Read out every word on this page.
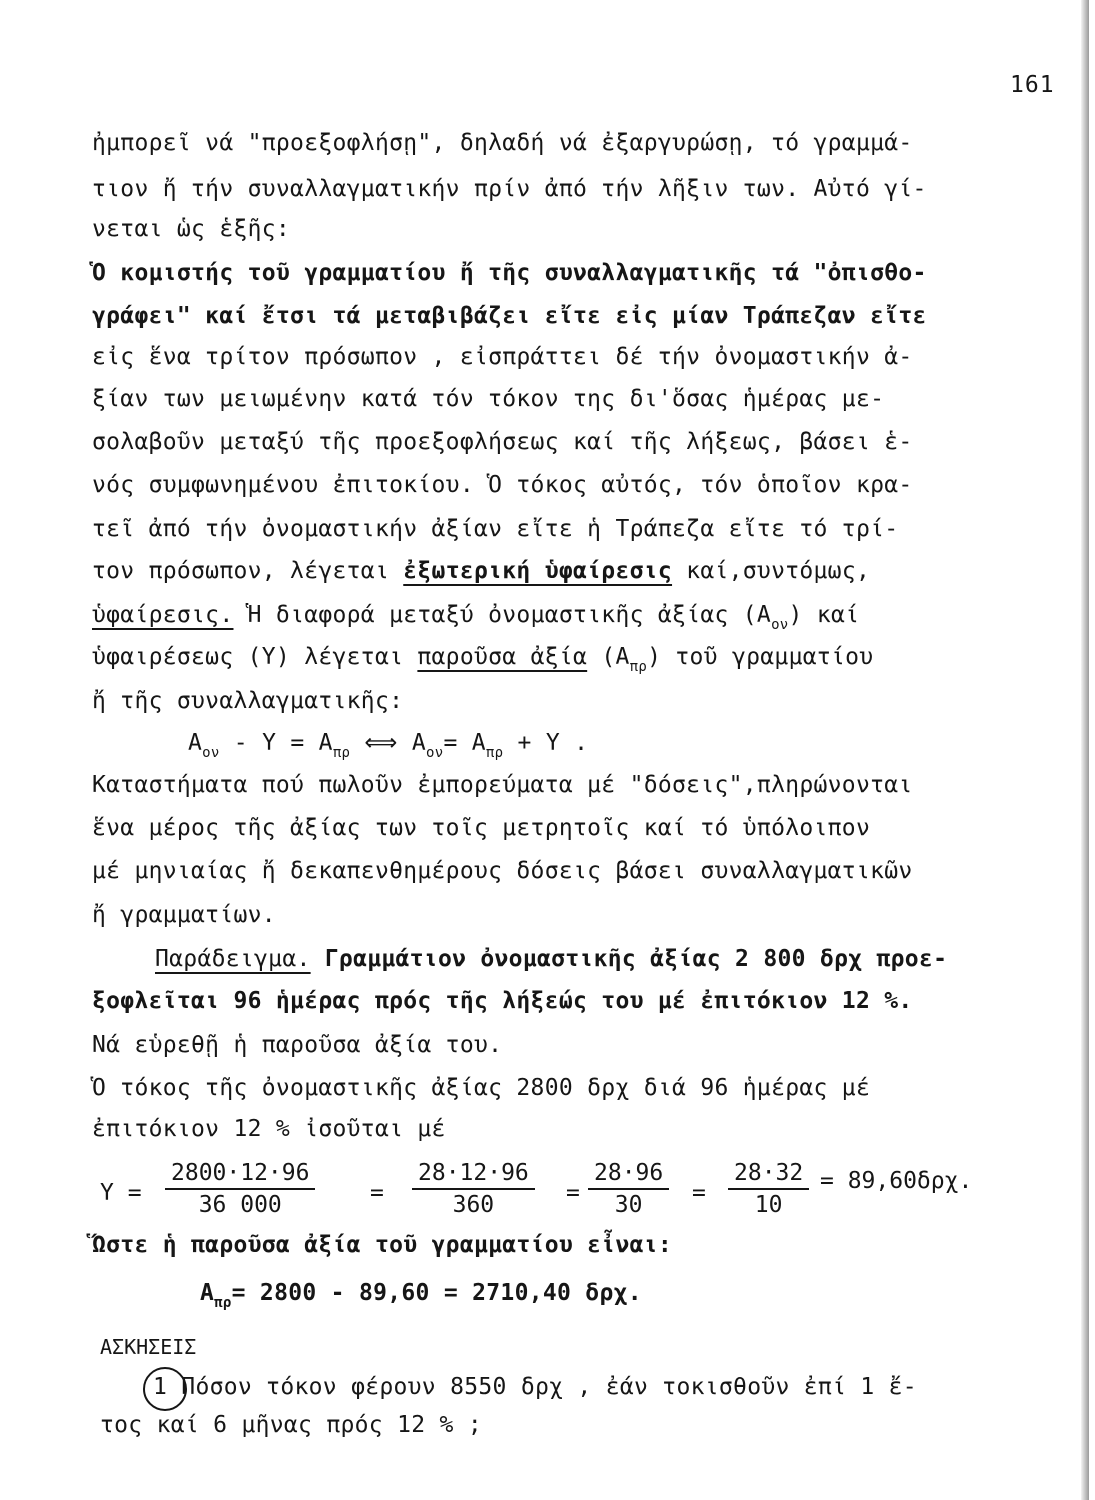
161
ἠμπορεῖ νά "προεξοφλήσῃ", δηλαδή νά ἐξαργυρώσῃ, τό γραμμά-
τιον ἤ τήν συναλλαγματικήν πρίν ἀπό τήν λῆξιν των. Αὐτό γί-
νεται ὡς ἑξῆς:
Ὁ κομιστής τοῦ γραμματίου ἤ τῆς συναλλαγματικῆς τά "ὀπισθο-
γράφει" καί ἔτσι τά μεταβιβάζει εἴτε εἰς μίαν Τράπεζαν εἴτε
εἰς ἕνα τρίτον πρόσωπον , εἰσπράττει δέ τήν ὀνομαστικήν ἀ-
ξίαν των μειωμένην κατά τόν τόκον της δι'ὅσας ἡμέρας με-
σολαβοῦν μεταξύ τῆς προεξοφλήσεως καί τῆς λήξεως, βάσει ἑ-
νός συμφωνημένου ἐπιτοκίου. Ὁ τόκος αὐτός, τόν ὁποῖον κρα-
τεῖ ἀπό τήν ὀνομαστικήν ἀξίαν εἴτε ἡ Τράπεζα εἴτε τό τρί-
τον πρόσωπον, λέγεται ἐξωτερική ὑφαίρεσις καί,συντόμως,
ὑφαίρεσις. Ἡ διαφορά μεταξύ ὀνομαστικῆς ἀξίας $(A_{o\nu})$ καί
ὑφαιρέσεως (Υ) λέγεται παροῦσα ἀξία $(A_{\pi\rho})$ τοῦ γραμματίου
ἤ τῆς συναλλαγματικῆς:
$A_{o\nu} - \Upsilon = A_{\pi\rho}$ ⟺ $A_{o\nu}= A_{\pi\rho} + \Upsilon$ .
Καταστήματα πού πωλοῦν ἐμπορεύματα μέ "δόσεις",πληρώνονται
ἕνα μέρος τῆς ἀξίας των τοῖς μετρητοῖς καί τό ὑπόλοιπον
μέ μηνιαίας ἤ δεκαπενθημέρους δόσεις βάσει συναλλαγματικῶν
ἤ γραμματίων.
Παράδειγμα. Γραμμάτιον ὀνομαστικῆς ἀξίας 2 800 δρχ προε-
ξοφλεῖται 96 ἡμέρας πρός τῆς λήξεώς του μέ ἐπιτόκιον 12 %.
Νά εὑρεθῇ ἡ παροῦσα ἀξία του.
Ὁ τόκος τῆς ὀνομαστικῆς ἀξίας 2800 δρχ διά 96 ἡμέρας μέ
ἐπιτόκιον 12 % ἰσοῦται μέ
$\Upsilon = \frac{2800\cdot 12\cdot 96}{36 000} = \frac{28\cdot 12\cdot 96}{360} = \frac{28\cdot 96}{30} = \frac{28\cdot 32}{10} = 89,60\delta\rho\chi$.
Ὥστε ἡ παροῦσα ἀξία τοῦ γραμματίου εἶναι:
$A_{\pi\rho}= 2800 - 89,60 = 2710,40$ δρχ.
ΑΣΚΗΣΕΙΣ
1 Πόσον τόκον φέρουν 8550 δρχ , ἐάν τοκισθοῦν ἐπί 1 ἔ-
τος καί 6 μῆνας πρός 12 % ;
